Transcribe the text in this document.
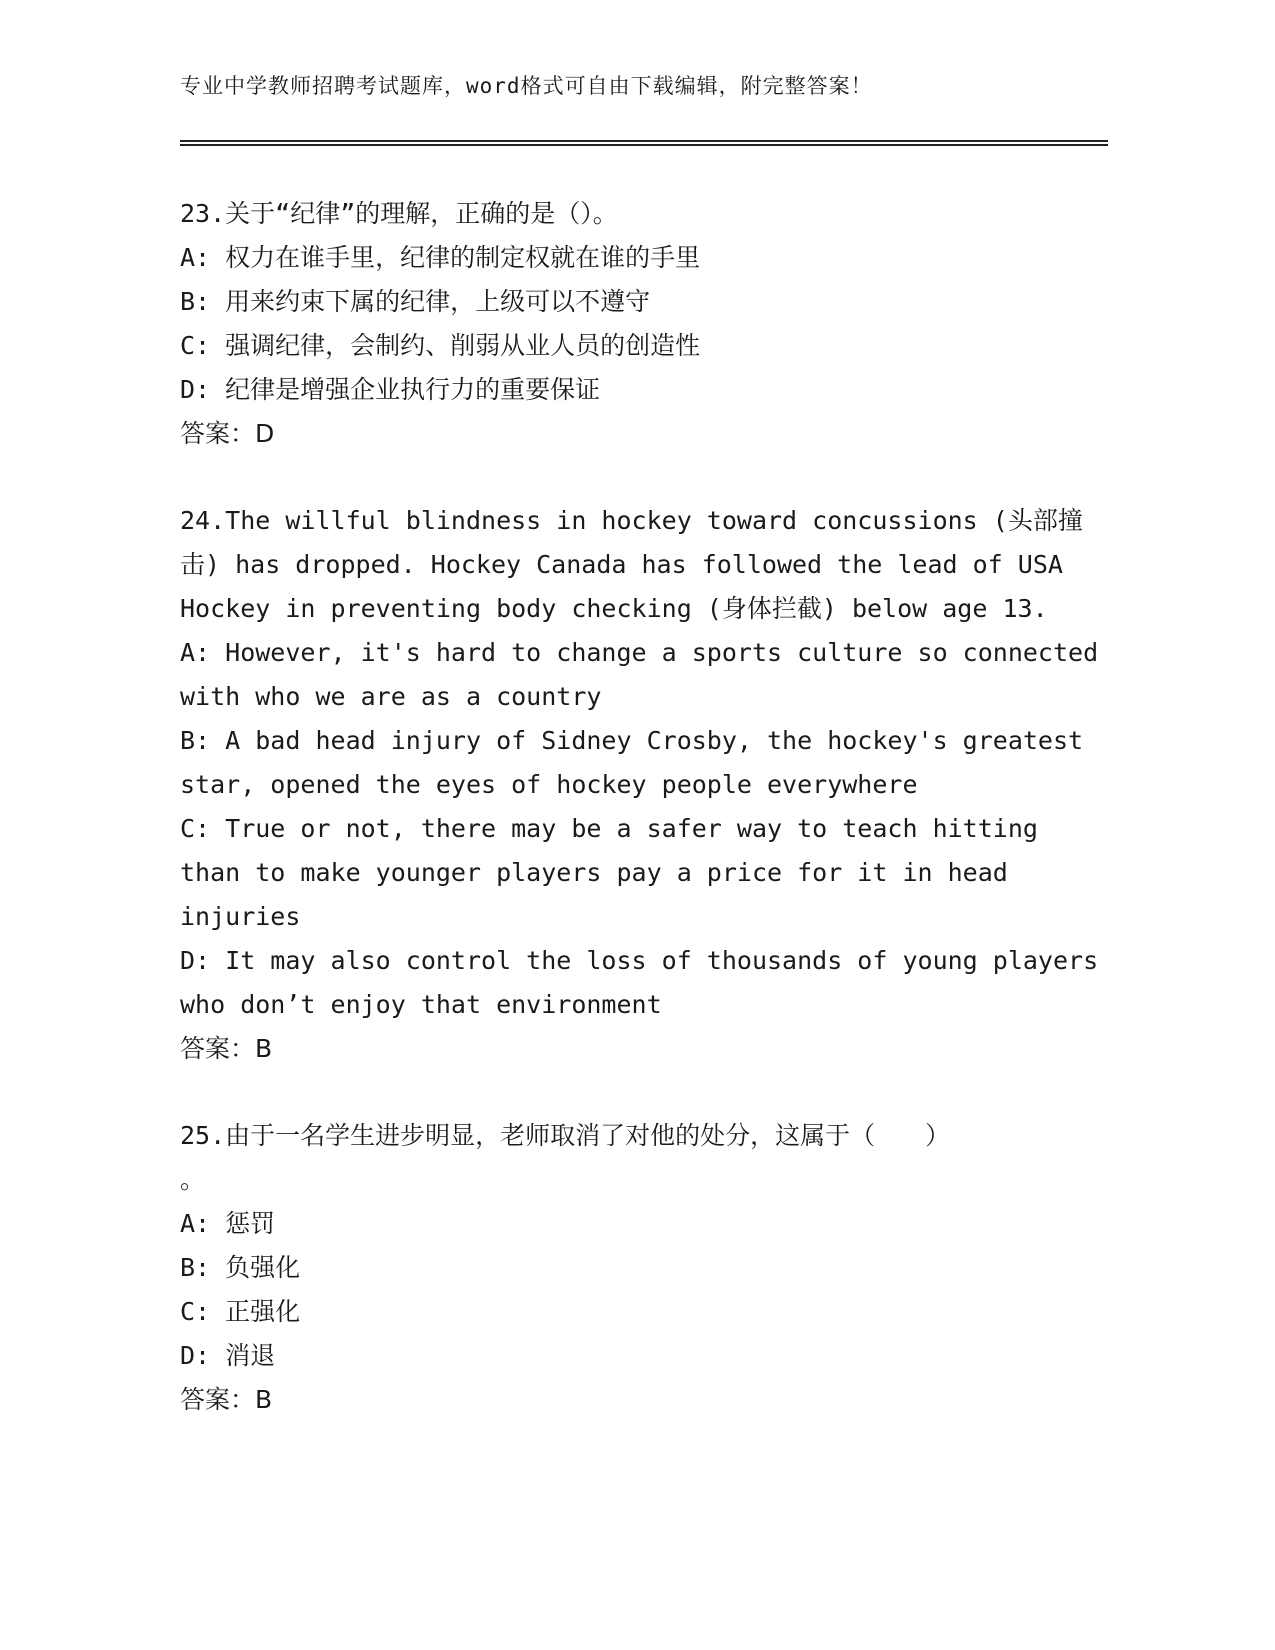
专业中学教师招聘考试题库，word格式可自由下载编辑，附完整答案！
23.关于“纪律”的理解，正确的是（）。
A: 权力在谁手里，纪律的制定权就在谁的手里
B: 用来约束下属的纪律，上级可以不遵守
C: 强调纪律，会制约、削弱从业人员的创造性
D: 纪律是增强企业执行力的重要保证
答案：D
24.The willful blindness in hockey toward concussions (头部撞
击) has dropped. Hockey Canada has followed the lead of USA
Hockey in preventing body checking (身体拦截) below age 13.
A: However, it's hard to change a sports culture so connected
with who we are as a country
B: A bad head injury of Sidney Crosby, the hockey's greatest
star, opened the eyes of hockey people everywhere
C: True or not, there may be a safer way to teach hitting
than to make younger players pay a price for it in head
injuries
D: It may also control the loss of thousands of young players
who don’t enjoy that environment
答案：B
25.由于一名学生进步明显，老师取消了对他的处分，这属于（　　）
。
A: 惩罚
B: 负强化
C: 正强化
D: 消退
答案：B
